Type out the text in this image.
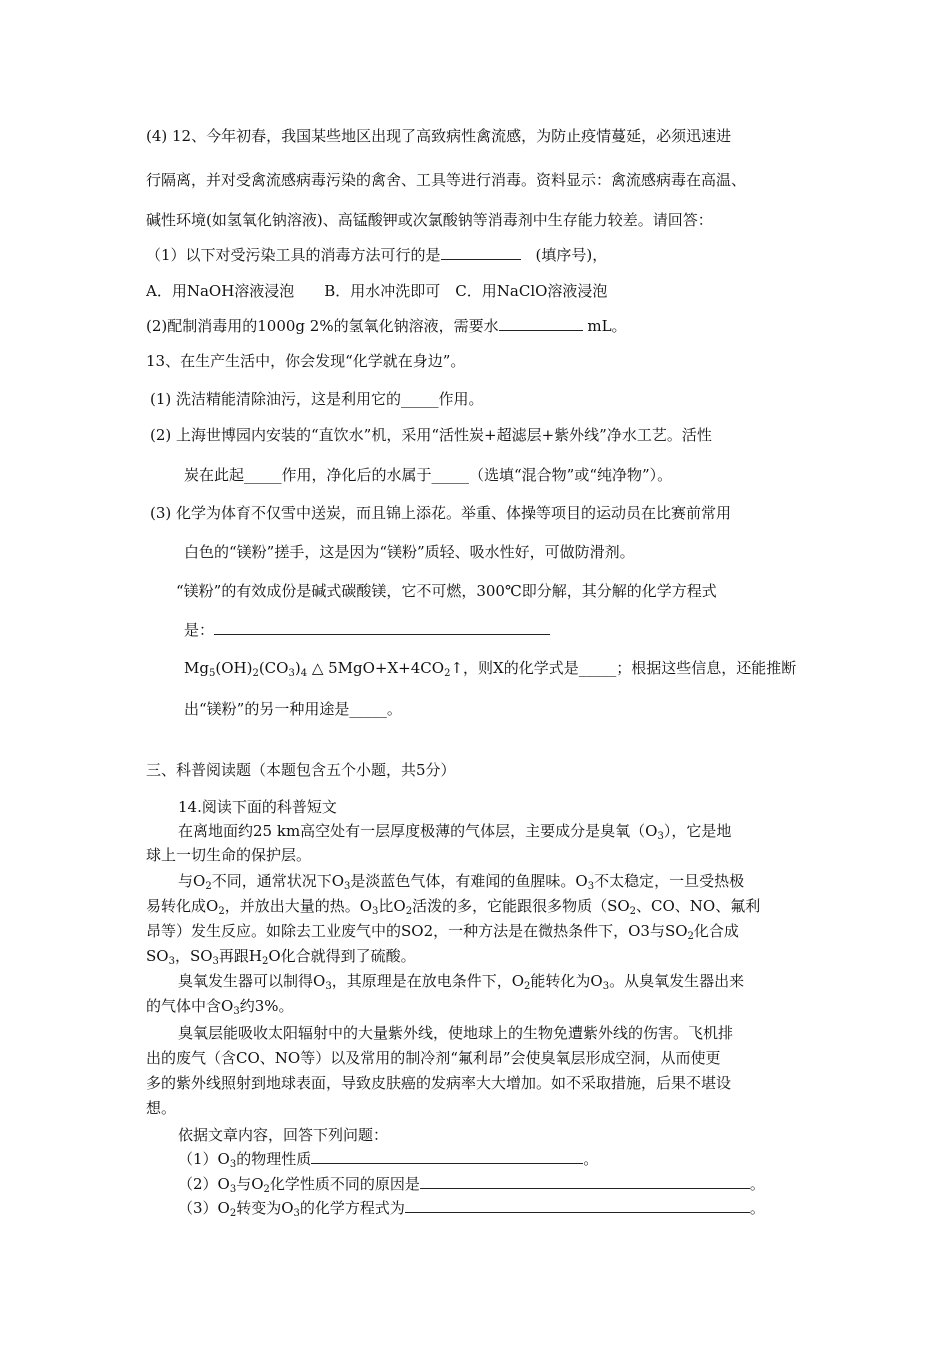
(4) 12、今年初春，我国某些地区出现了高致病性禽流感，为防止疫情蔓延，必须迅速进
行隔离，并对受禽流感病毒污染的禽舍、工具等进行消毒。资料显示：禽流感病毒在高温、
碱性环境(如氢氧化钠溶液)、高锰酸钾或次氯酸钠等消毒剂中生存能力较差。请回答：
（1）以下对受污染工具的消毒方法可行的是	　(填序号)，
A．用NaOH溶液浸泡　　B．用水冲洗即可　C．用NaClO溶液浸泡
(2)配制消毒用的1000g 2%的氢氧化钠溶液，需要水	mL。
13、在生产生活中，你会发现“化学就在身边”。
(1) 洗洁精能清除油污，这是利用它的_____作用。
(2) 上海世博园内安装的“直饮水”机，采用“活性炭+超滤层+紫外线”净水工艺。活性
炭在此起_____作用，净化后的水属于_____（选填“混合物”或“纯净物”）。
(3) 化学为体育不仅雪中送炭，而且锦上添花。举重、体操等项目的运动员在比赛前常用
白色的“镁粉”搓手，这是因为“镁粉”质轻、吸水性好，可做防滑剂。
“镁粉”的有效成份是碱式碳酸镁，它不可燃，300℃即分解，其分解的化学方程式
是：
$Mg_5(OH)_2(CO_3)_4$ △ $5MgO+X+4CO_2↑$，则X的化学式是_____；根据这些信息，还能推断
出“镁粉”的另一种用途是_____。
三、科普阅读题（本题包含五个小题，共5分）
14.阅读下面的科普短文
在离地面约25 km高空处有一层厚度极薄的气体层，主要成分是臭氧$(O_3)$，它是地
球上一切生命的保护层。
与$O_2$不同，通常状况下$O_3$是淡蓝色气体，有难闻的鱼腥味。$O_3$不太稳定，一旦受热极
易转化成$O_2$，并放出大量的热。$O_3$比$O_2$活泼的多，它能跟很多物质（$SO_2$、CO、NO、氟利
昂等）发生反应。如除去工业废气中的SO2，一种方法是在微热条件下，O3与$SO_2$化合成
$SO_3$，$SO_3$再跟$H_2O$化合就得到了硫酸。
臭氧发生器可以制得$O_3$，其原理是在放电条件下，$O_2$能转化为$O_3$。从臭氧发生器出来
的气体中含$O_3$约3%。
臭氧层能吸收太阳辐射中的大量紫外线，使地球上的生物免遭紫外线的伤害。飞机排
出的废气（含CO、NO等）以及常用的制冷剂“氟利昂”会使臭氧层形成空洞，从而使更
多的紫外线照射到地球表面，导致皮肤癌的发病率大大增加。如不采取措施，后果不堪设
想。
依据文章内容，回答下列问题：
$(1)O_3$的物理性质	。
$(2)O_3$与$O_2$化学性质不同的原因是	。
$(3)O_2$转变为$O_3$的化学方程式为	。
